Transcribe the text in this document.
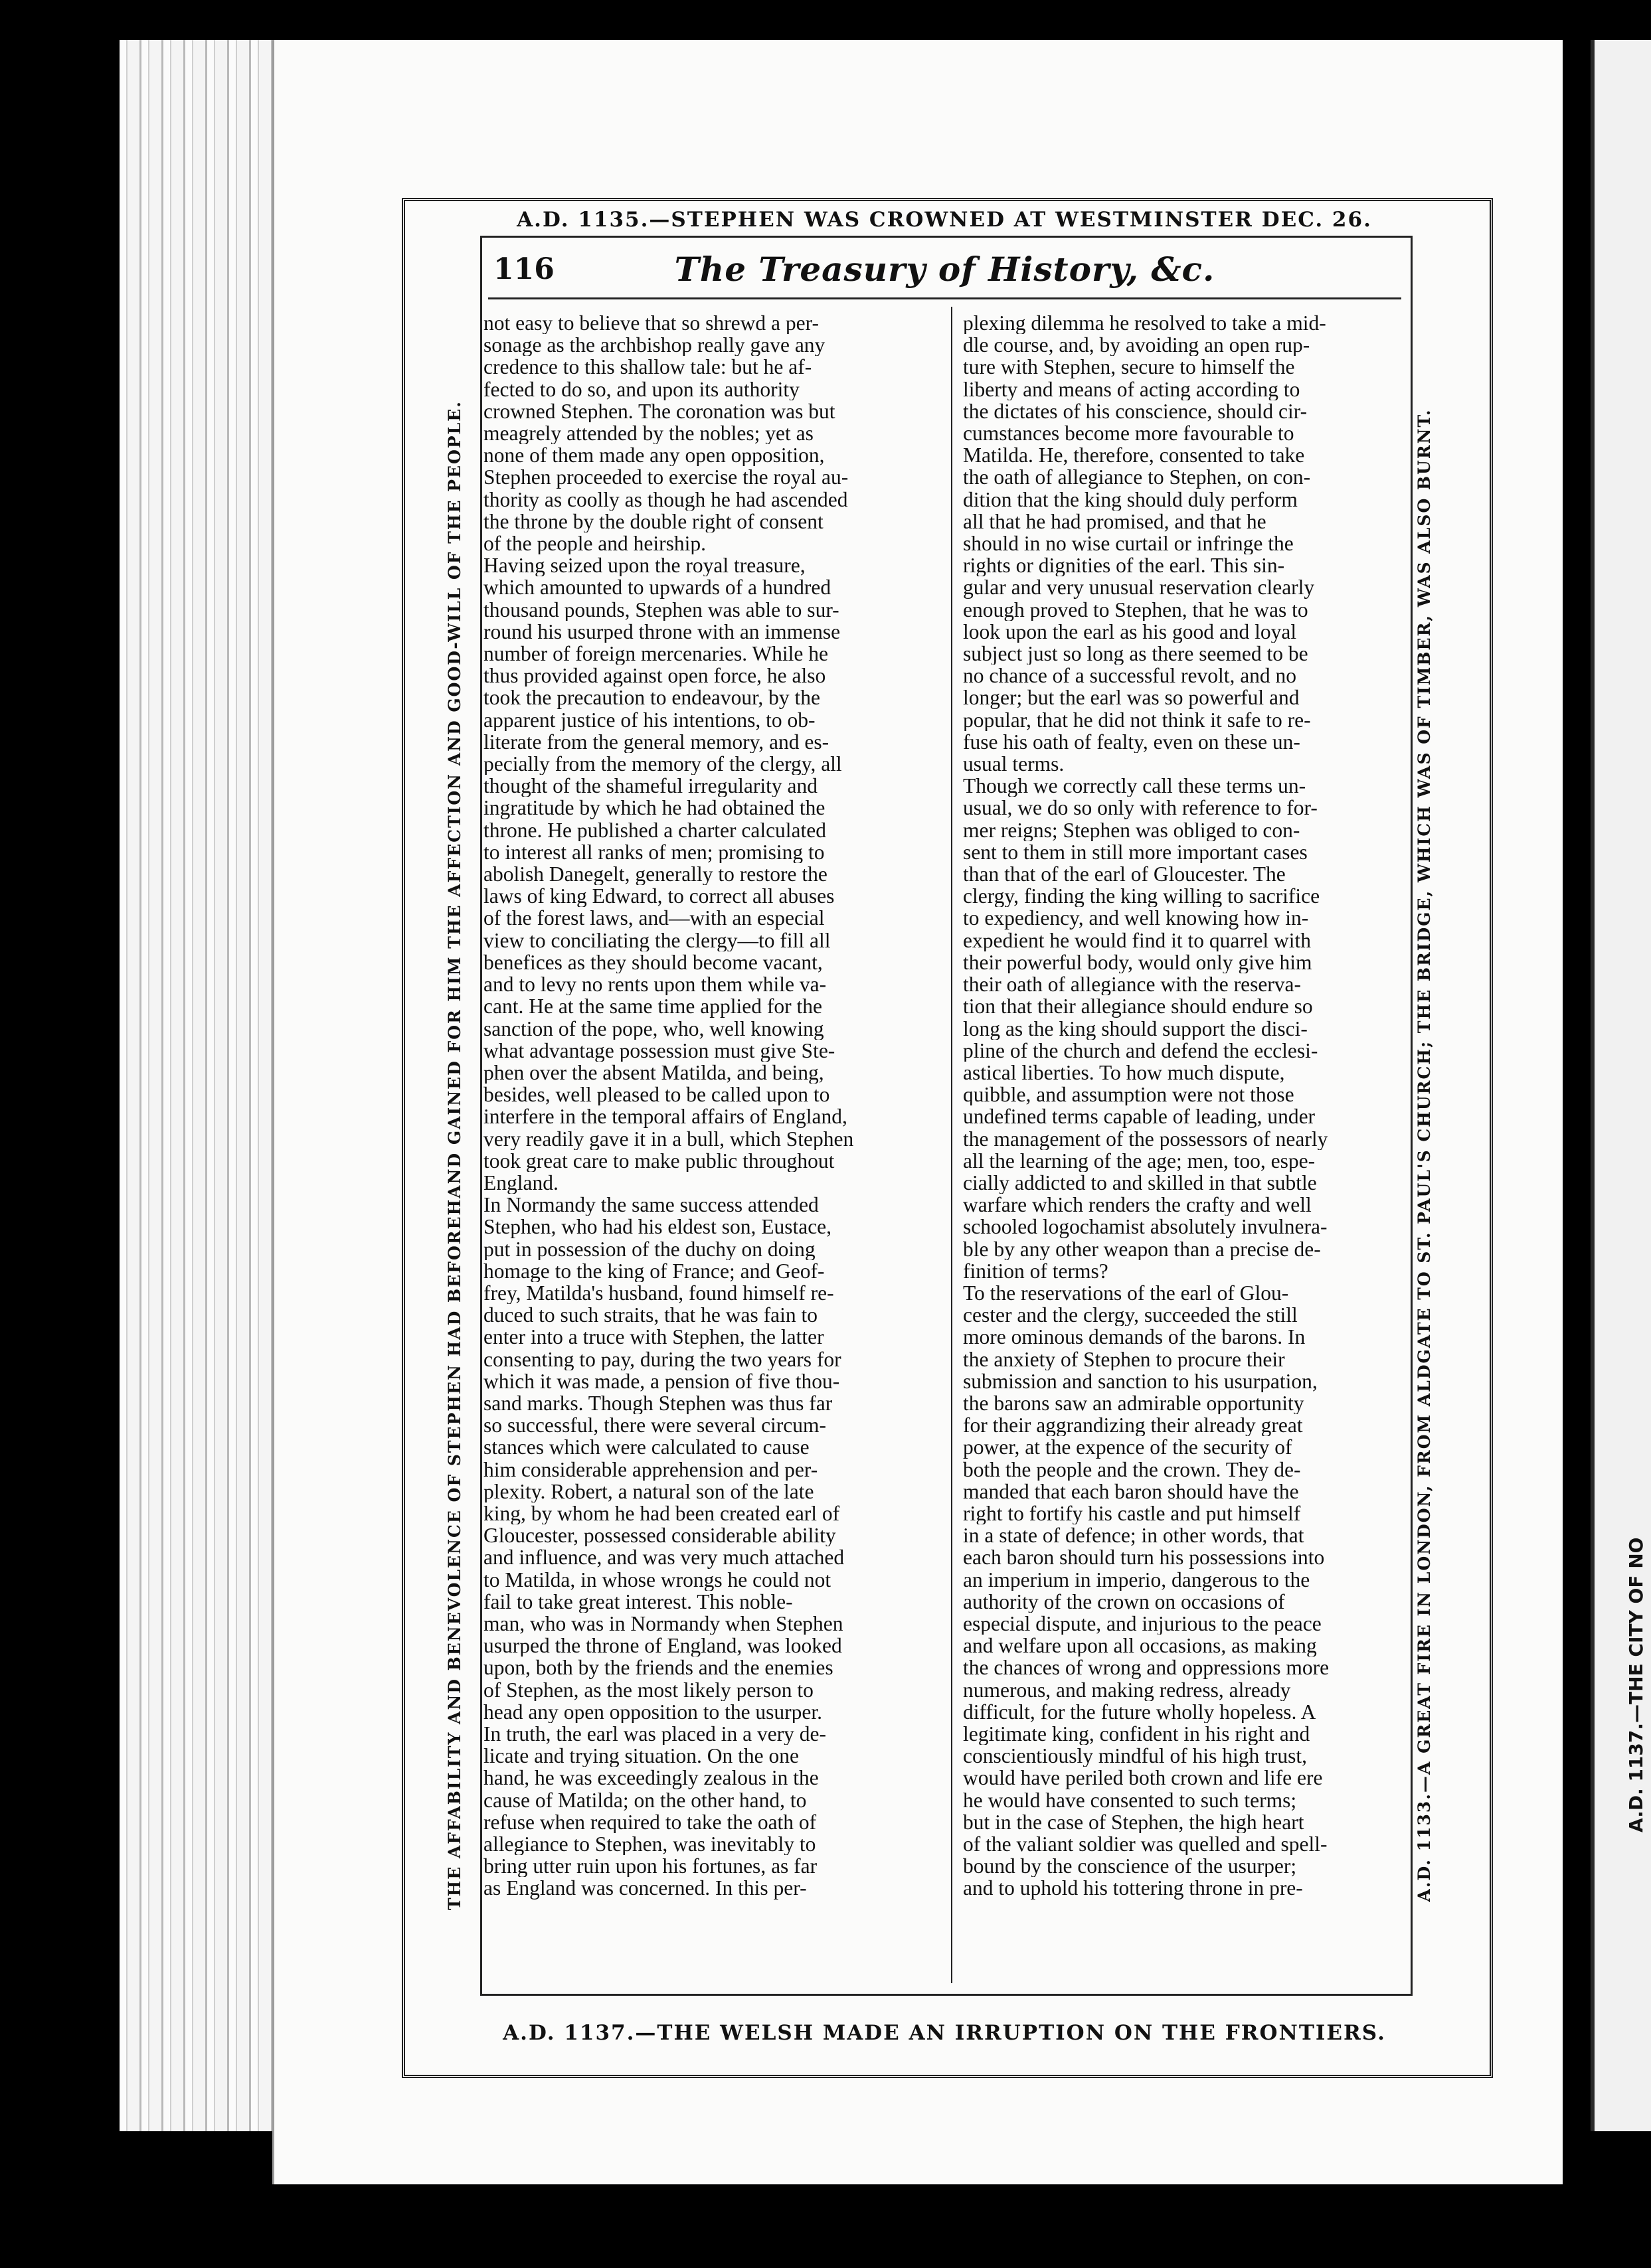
A.D. 1137.—THE CITY OF NO
A.D. 1135.—STEPHEN WAS CROWNED AT WESTMINSTER DEC. 26.
THE AFFABILITY AND BENEVOLENCE OF STEPHEN HAD BEFOREHAND GAINED FOR HIM THE AFFECTION AND GOOD-WILL OF THE PEOPLE.	A.D. 1133.—A GREAT FIRE IN LONDON, FROM ALDGATE TO ST. PAUL'S CHURCH; THE BRIDGE, WHICH WAS OF TIMBER, WAS ALSO BURNT.
A.D. 1137.—THE WELSH MADE AN IRRUPTION ON THE FRONTIERS.
116	The Treasury of History, &c.
not easy to believe that so shrewd a per-
sonage as the archbishop really gave any
credence to this shallow tale: but he af-
fected to do so, and upon its authority
crowned Stephen. The coronation was but
meagrely attended by the nobles; yet as
none of them made any open opposition,
Stephen proceeded to exercise the royal au-
thority as coolly as though he had ascended
the throne by the double right of consent
of the people and heirship.
Having seized upon the royal treasure,
which amounted to upwards of a hundred
thousand pounds, Stephen was able to sur-
round his usurped throne with an immense
number of foreign mercenaries. While he
thus provided against open force, he also
took the precaution to endeavour, by the
apparent justice of his intentions, to ob-
literate from the general memory, and es-
pecially from the memory of the clergy, all
thought of the shameful irregularity and
ingratitude by which he had obtained the
throne. He published a charter calculated
to interest all ranks of men; promising to
abolish Danegelt, generally to restore the
laws of king Edward, to correct all abuses
of the forest laws, and—with an especial
view to conciliating the clergy—to fill all
benefices as they should become vacant,
and to levy no rents upon them while va-
cant. He at the same time applied for the
sanction of the pope, who, well knowing
what advantage possession must give Ste-
phen over the absent Matilda, and being,
besides, well pleased to be called upon to
interfere in the temporal affairs of England,
very readily gave it in a bull, which Stephen
took great care to make public throughout
England.
In Normandy the same success attended
Stephen, who had his eldest son, Eustace,
put in possession of the duchy on doing
homage to the king of France; and Geof-
frey, Matilda's husband, found himself re-
duced to such straits, that he was fain to
enter into a truce with Stephen, the latter
consenting to pay, during the two years for
which it was made, a pension of five thou-
sand marks. Though Stephen was thus far
so successful, there were several circum-
stances which were calculated to cause
him considerable apprehension and per-
plexity. Robert, a natural son of the late
king, by whom he had been created earl of
Gloucester, possessed considerable ability
and influence, and was very much attached
to Matilda, in whose wrongs he could not
fail to take great interest. This noble-
man, who was in Normandy when Stephen
usurped the throne of England, was looked
upon, both by the friends and the enemies
of Stephen, as the most likely person to
head any open opposition to the usurper.
In truth, the earl was placed in a very de-
licate and trying situation. On the one
hand, he was exceedingly zealous in the
cause of Matilda; on the other hand, to
refuse when required to take the oath of
allegiance to Stephen, was inevitably to
bring utter ruin upon his fortunes, as far
as England was concerned. In this per-
plexing dilemma he resolved to take a mid-
dle course, and, by avoiding an open rup-
ture with Stephen, secure to himself the
liberty and means of acting according to
the dictates of his conscience, should cir-
cumstances become more favourable to
Matilda. He, therefore, consented to take
the oath of allegiance to Stephen, on con-
dition that the king should duly perform
all that he had promised, and that he
should in no wise curtail or infringe the
rights or dignities of the earl. This sin-
gular and very unusual reservation clearly
enough proved to Stephen, that he was to
look upon the earl as his good and loyal
subject just so long as there seemed to be
no chance of a successful revolt, and no
longer; but the earl was so powerful and
popular, that he did not think it safe to re-
fuse his oath of fealty, even on these un-
usual terms.
Though we correctly call these terms un-
usual, we do so only with reference to for-
mer reigns; Stephen was obliged to con-
sent to them in still more important cases
than that of the earl of Gloucester. The
clergy, finding the king willing to sacrifice
to expediency, and well knowing how in-
expedient he would find it to quarrel with
their powerful body, would only give him
their oath of allegiance with the reserva-
tion that their allegiance should endure so
long as the king should support the disci-
pline of the church and defend the ecclesi-
astical liberties. To how much dispute,
quibble, and assumption were not those
undefined terms capable of leading, under
the management of the possessors of nearly
all the learning of the age; men, too, espe-
cially addicted to and skilled in that subtle
warfare which renders the crafty and well
schooled logochamist absolutely invulnera-
ble by any other weapon than a precise de-
finition of terms?
To the reservations of the earl of Glou-
cester and the clergy, succeeded the still
more ominous demands of the barons. In
the anxiety of Stephen to procure their
submission and sanction to his usurpation,
the barons saw an admirable opportunity
for their aggrandizing their already great
power, at the expence of the security of
both the people and the crown. They de-
manded that each baron should have the
right to fortify his castle and put himself
in a state of defence; in other words, that
each baron should turn his possessions into
an imperium in imperio, dangerous to the
authority of the crown on occasions of
especial dispute, and injurious to the peace
and welfare upon all occasions, as making
the chances of wrong and oppressions more
numerous, and making redress, already
difficult, for the future wholly hopeless. A
legitimate king, confident in his right and
conscientiously mindful of his high trust,
would have periled both crown and life ere
he would have consented to such terms;
but in the case of Stephen, the high heart
of the valiant soldier was quelled and spell-
bound by the conscience of the usurper;
and to uphold his tottering throne in pre-
